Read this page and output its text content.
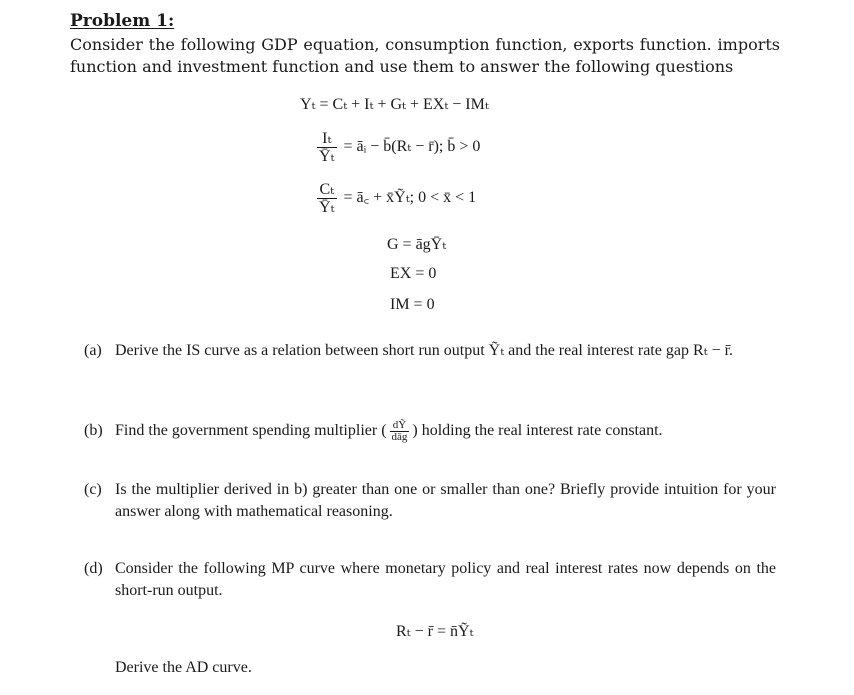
Problem 1:
Consider the following GDP equation, consumption function, exports function. imports function and investment function and use them to answer the following questions
Yₜ = Cₜ + Iₜ + Gₜ + EXₜ − IMₜ
$\frac{\text{Iₜ}}{\text{Ȳₜ}}$ = āᵢ − b̄(Rₜ − r̄); b̄ > 0
$\frac{\text{Cₜ}}{\text{Ȳₜ}}$ = ā꜀ + x̄Ỹₜ; 0 < x̄ < 1
G = āgȲₜ
EX = 0
IM = 0
(a) Derive the IS curve as a relation between short run output Ỹₜ and the real interest rate gap Rₜ − r̄.
(b) Find the government spending multiplier ( $\frac{\text{dỸ}}{\text{dāg}}$ ) holding the real interest rate constant.
(c) Is the multiplier derived in b) greater than one or smaller than one? Briefly provide intuition for your answer along with mathematical reasoning.
(d) Consider the following MP curve where monetary policy and real interest rates now depends on the short-run output.
Rₜ − r̄ = n̄Ỹₜ
Derive the AD curve.
